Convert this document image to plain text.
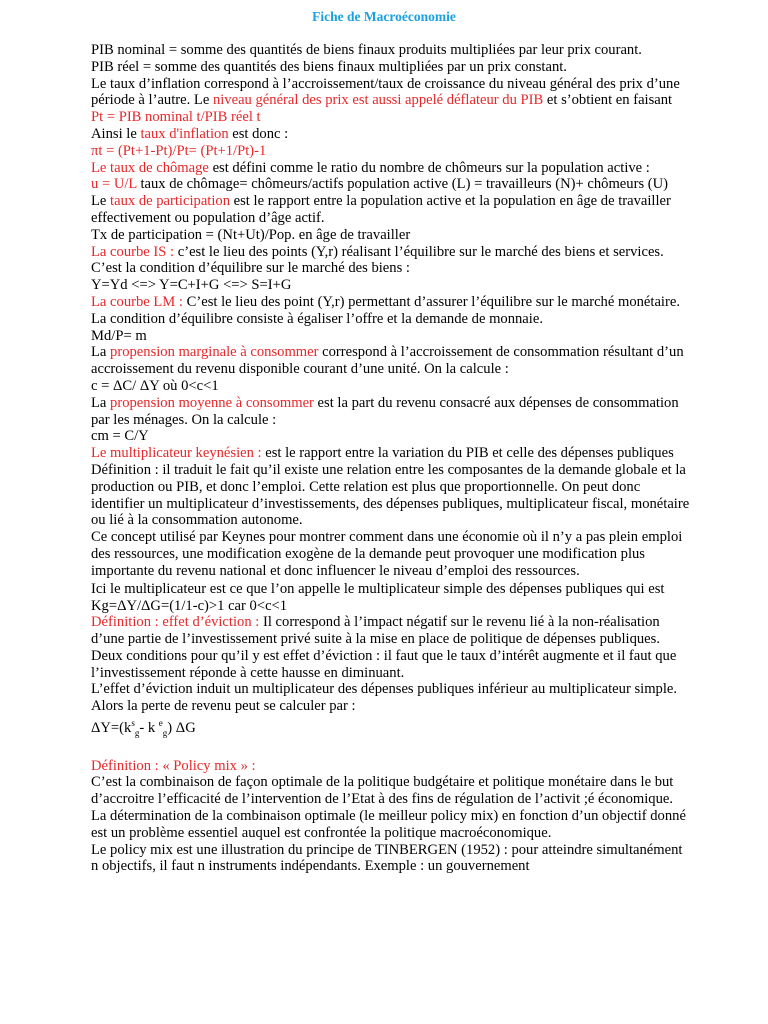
Fiche de Macroéconomie

PIB nominal = somme des quantités de biens finaux produits multipliées par leur prix courant.

PIB réel = somme des quantités des biens finaux multipliées par un prix constant.

Le taux d’inflation correspond à l’accroissement/taux de croissance du niveau général des prix d’une période à l’autre. Le niveau général des prix est aussi appelé déflateur du PIB et s’obtient en faisant

Pt = PIB nominal t/PIB réel t

Ainsi le taux d'inflation est donc :

πt = (Pt+1-Pt)/Pt= (Pt+1/Pt)-1

Le taux de chômage est défini comme le ratio du nombre de chômeurs sur la population active :

u = U/L taux de chômage= chômeurs/actifs population active (L) = travailleurs (N)+ chômeurs (U)

Le taux de participation est le rapport entre la population active et la population en âge de travailler effectivement ou population d’âge actif.

Tx de participation = (Nt+Ut)/Pop. en âge de travailler

La courbe IS : c’est le lieu des points (Y,r) réalisant l’équilibre sur le marché des biens et services. C’est la condition d’équilibre sur le marché des biens :

Y=Yd <=> Y=C+I+G <=> S=I+G

La courbe LM : C’est le lieu des point (Y,r) permettant d’assurer l’équilibre sur le marché monétaire. La condition d’équilibre consiste à égaliser l’offre et la demande de monnaie.

Md/P= m

La propension marginale à consommer correspond à l’accroissement de consommation résultant d’un accroissement du revenu disponible courant d’une unité. On la calcule :

c = ΔC/ ΔY où 0<c<1

La propension moyenne à consommer est la part du revenu consacré aux dépenses de consommation par les ménages. On la calcule :

cm = C/Y

Le multiplicateur keynésien : est le rapport entre la variation du PIB et celle des dépenses publiques Définition : il traduit le fait qu’il existe une relation entre les composantes de la demande globale et la production ou PIB, et donc l’emploi. Cette relation est plus que proportionnelle. On peut donc identifier un multiplicateur d’investissements, des dépenses publiques, multiplicateur fiscal, monétaire ou lié à la consommation autonome.

Ce concept utilisé par Keynes pour montrer comment dans une économie où il n’y a pas plein emploi des ressources, une modification exogène de la demande peut provoquer une modification plus importante du revenu national et donc influencer le niveau d’emploi des ressources.

Ici le multiplicateur est ce que l’on appelle le multiplicateur simple des dépenses publiques qui est

Kg=ΔY/ΔG=(1/1-c)>1 car 0<c<1

Définition : effet d’éviction : Il correspond à l’impact négatif sur le revenu lié à la non-réalisation d’une partie de l’investissement privé suite à la mise en place de politique de dépenses publiques.

Deux conditions pour qu’il y est effet d’éviction : il faut que le taux d’intérêt augmente et il faut que l’investissement réponde à cette hausse en diminuant.

L’effet d’éviction induit un multiplicateur des dépenses publiques inférieur au multiplicateur simple. Alors la perte de revenu peut se calculer par :

$\Delta Y=(k^s_g-$ k $^e_g$) ΔG

Définition : « Policy mix » :

C’est la combinaison de façon optimale de la politique budgétaire et politique monétaire dans le but d’accroitre l’efficacité de l’intervention de l’Etat à des fins de régulation de l’activit ;é économique.

La détermination de la combinaison optimale (le meilleur policy mix) en fonction d’un objectif donné est un problème essentiel auquel est confrontée la politique macroéconomique.

Le policy mix est une illustration du principe de TINBERGEN (1952) : pour atteindre simultanément n objectifs, il faut n instruments indépendants. Exemple : un gouvernement
